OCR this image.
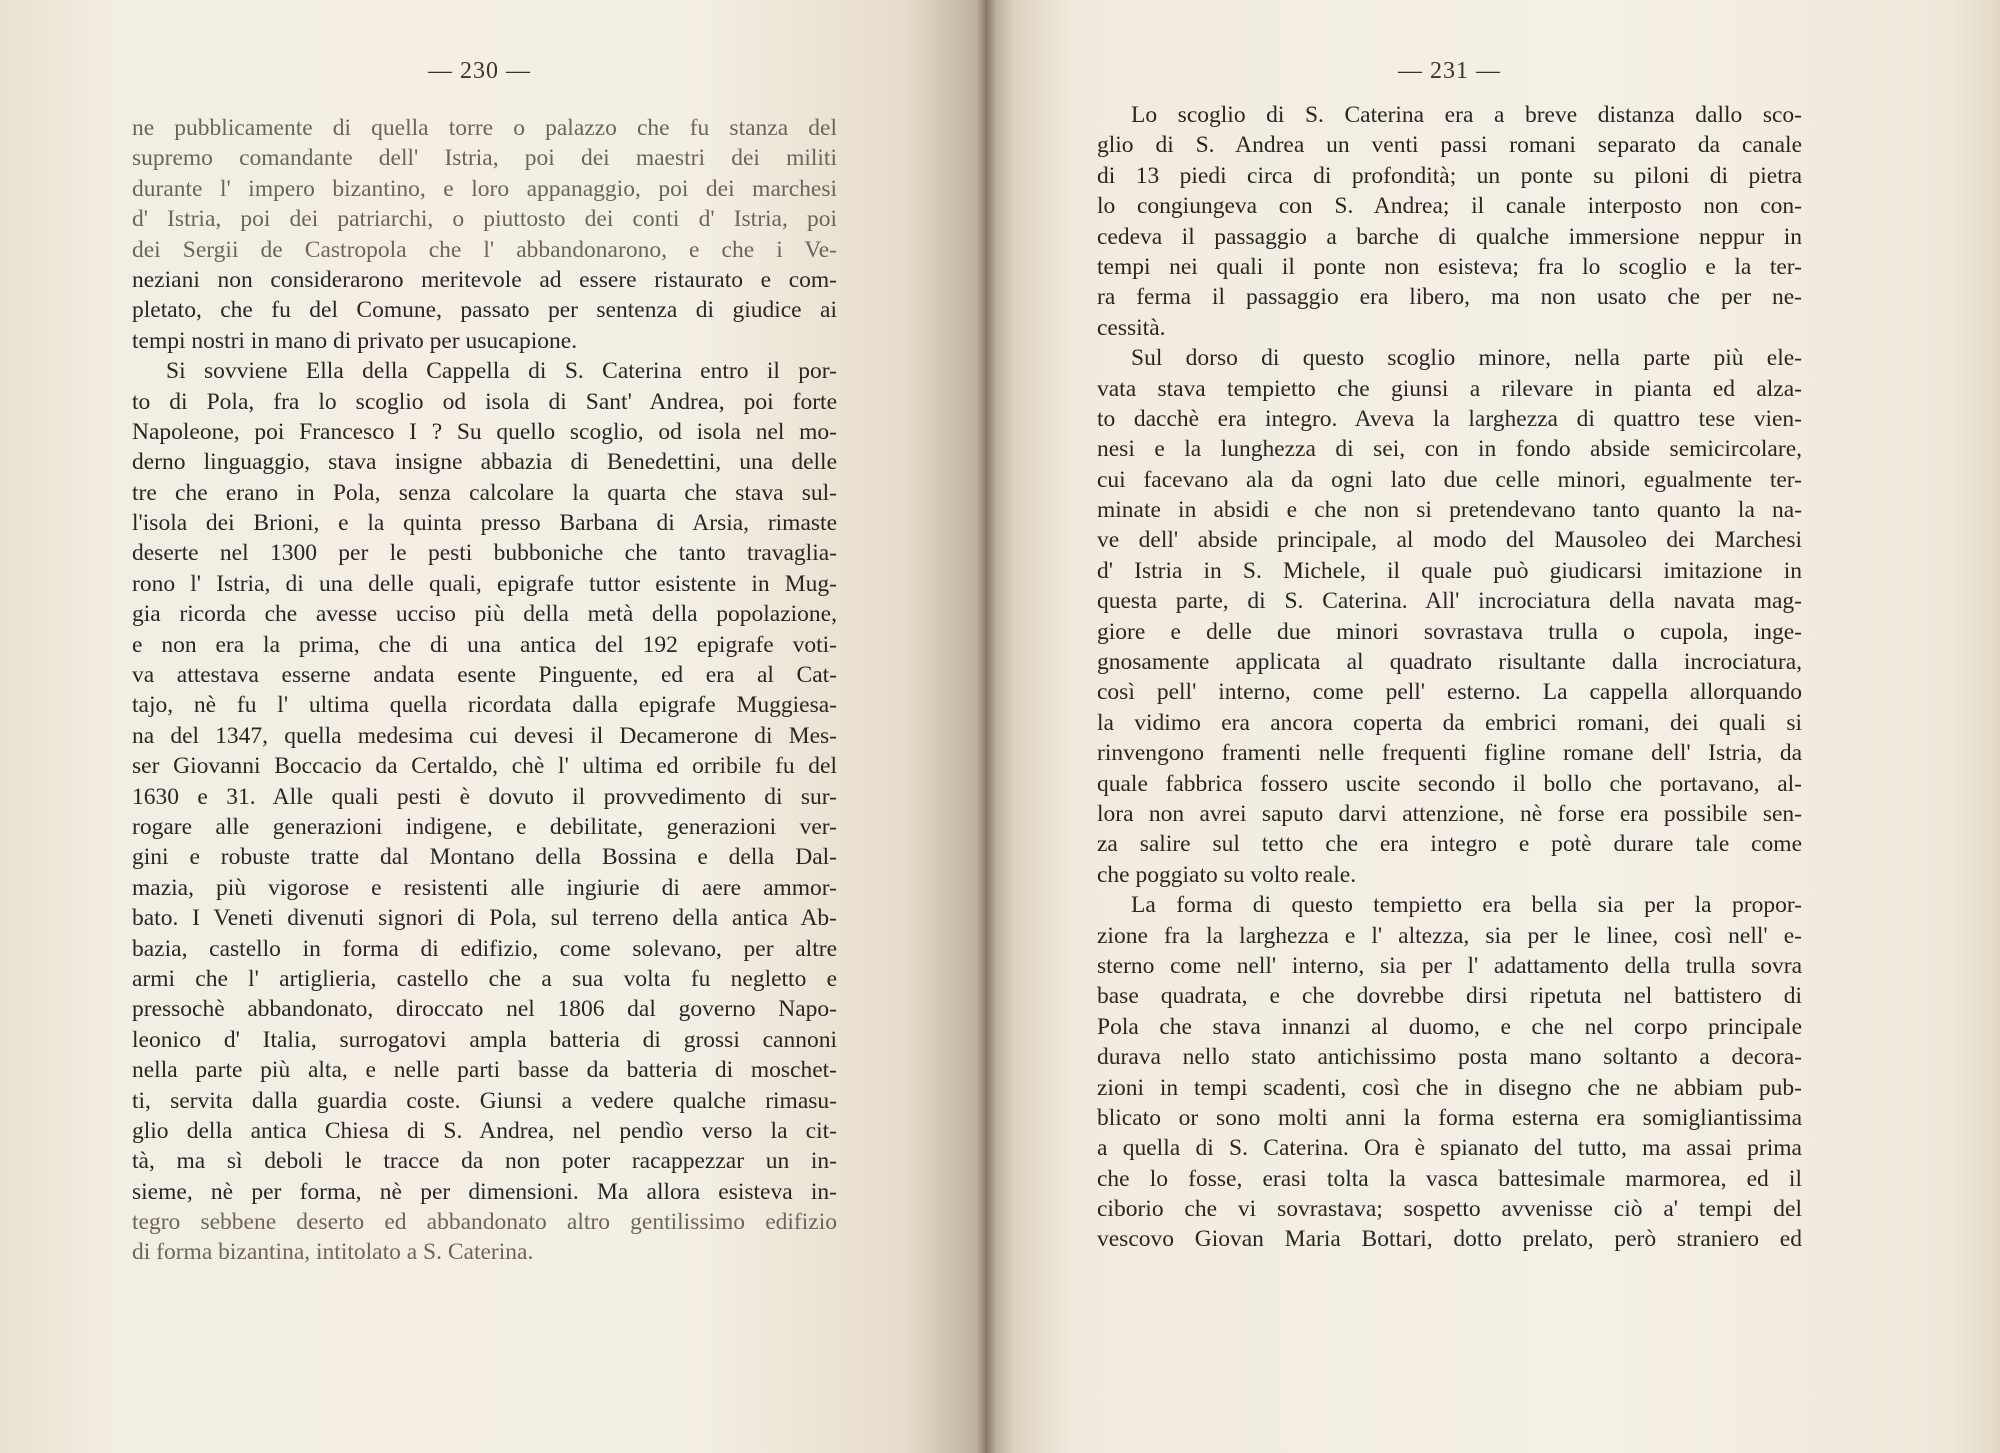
— 230 —
ne pubblicamente di quella torre o palazzo che fu stanza del
supremo comandante dell' Istria, poi dei maestri dei militi
durante l' impero bizantino, e loro appanaggio, poi dei marchesi
d' Istria, poi dei patriarchi, o piuttosto dei conti d' Istria, poi
dei Sergii de Castropola che l' abbandonarono, e che i Ve-
neziani non considerarono meritevole ad essere ristaurato e com-
pletato, che fu del Comune, passato per sentenza di giudice ai
tempi nostri in mano di privato per usucapione.
Si sovviene Ella della Cappella di S. Caterina entro il por-
to di Pola, fra lo scoglio od isola di Sant' Andrea, poi forte
Napoleone, poi Francesco I ? Su quello scoglio, od isola nel mo-
derno linguaggio, stava insigne abbazia di Benedettini, una delle
tre che erano in Pola, senza calcolare la quarta che stava sul-
l'isola dei Brioni, e la quinta presso Barbana di Arsia, rimaste
deserte nel 1300 per le pesti bubboniche che tanto travaglia-
rono l' Istria, di una delle quali, epigrafe tuttor esistente in Mug-
gia ricorda che avesse ucciso più della metà della popolazione,
e non era la prima, che di una antica del 192 epigrafe voti-
va attestava esserne andata esente Pinguente, ed era al Cat-
tajo, nè fu l' ultima quella ricordata dalla epigrafe Muggiesa-
na del 1347, quella medesima cui devesi il Decamerone di Mes-
ser Giovanni Boccacio da Certaldo, chè l' ultima ed orribile fu del
1630 e 31. Alle quali pesti è dovuto il provvedimento di sur-
rogare alle generazioni indigene, e debilitate, generazioni ver-
gini e robuste tratte dal Montano della Bossina e della Dal-
mazia, più vigorose e resistenti alle ingiurie di aere ammor-
bato. I Veneti divenuti signori di Pola, sul terreno della antica Ab-
bazia, castello in forma di edifizio, come solevano, per altre
armi che l' artiglieria, castello che a sua volta fu negletto e
pressochè abbandonato, diroccato nel 1806 dal governo Napo-
leonico d' Italia, surrogatovi ampla batteria di grossi cannoni
nella parte più alta, e nelle parti basse da batteria di moschet-
ti, servita dalla guardia coste. Giunsi a vedere qualche rimasu-
glio della antica Chiesa di S. Andrea, nel pendìo verso la cit-
tà, ma sì deboli le tracce da non poter racappezzar un in-
sieme, nè per forma, nè per dimensioni. Ma allora esisteva in-
tegro sebbene deserto ed abbandonato altro gentilissimo edifizio
di forma bizantina, intitolato a S. Caterina.
— 231 —
Lo scoglio di S. Caterina era a breve distanza dallo sco-
glio di S. Andrea un venti passi romani separato da canale
di 13 piedi circa di profondità; un ponte su piloni di pietra
lo congiungeva con S. Andrea; il canale interposto non con-
cedeva il passaggio a barche di qualche immersione neppur in
tempi nei quali il ponte non esisteva; fra lo scoglio e la ter-
ra ferma il passaggio era libero, ma non usato che per ne-
cessità.
Sul dorso di questo scoglio minore, nella parte più ele-
vata stava tempietto che giunsi a rilevare in pianta ed alza-
to dacchè era integro. Aveva la larghezza di quattro tese vien-
nesi e la lunghezza di sei, con in fondo abside semicircolare,
cui facevano ala da ogni lato due celle minori, egualmente ter-
minate in absidi e che non si pretendevano tanto quanto la na-
ve dell' abside principale, al modo del Mausoleo dei Marchesi
d' Istria in S. Michele, il quale può giudicarsi imitazione in
questa parte, di S. Caterina. All' incrociatura della navata mag-
giore e delle due minori sovrastava trulla o cupola, inge-
gnosamente applicata al quadrato risultante dalla incrociatura,
così pell' interno, come pell' esterno. La cappella allorquando
la vidimo era ancora coperta da embrici romani, dei quali si
rinvengono framenti nelle frequenti figline romane dell' Istria, da
quale fabbrica fossero uscite secondo il bollo che portavano, al-
lora non avrei saputo darvi attenzione, nè forse era possibile sen-
za salire sul tetto che era integro e potè durare tale come
che poggiato su volto reale.
La forma di questo tempietto era bella sia per la propor-
zione fra la larghezza e l' altezza, sia per le linee, così nell' e-
sterno come nell' interno, sia per l' adattamento della trulla sovra
base quadrata, e che dovrebbe dirsi ripetuta nel battistero di
Pola che stava innanzi al duomo, e che nel corpo principale
durava nello stato antichissimo posta mano soltanto a decora-
zioni in tempi scadenti, così che in disegno che ne abbiam pub-
blicato or sono molti anni la forma esterna era somigliantissima
a quella di S. Caterina. Ora è spianato del tutto, ma assai prima
che lo fosse, erasi tolta la vasca battesimale marmorea, ed il
ciborio che vi sovrastava; sospetto avvenisse ciò a' tempi del
vescovo Giovan Maria Bottari, dotto prelato, però straniero ed
